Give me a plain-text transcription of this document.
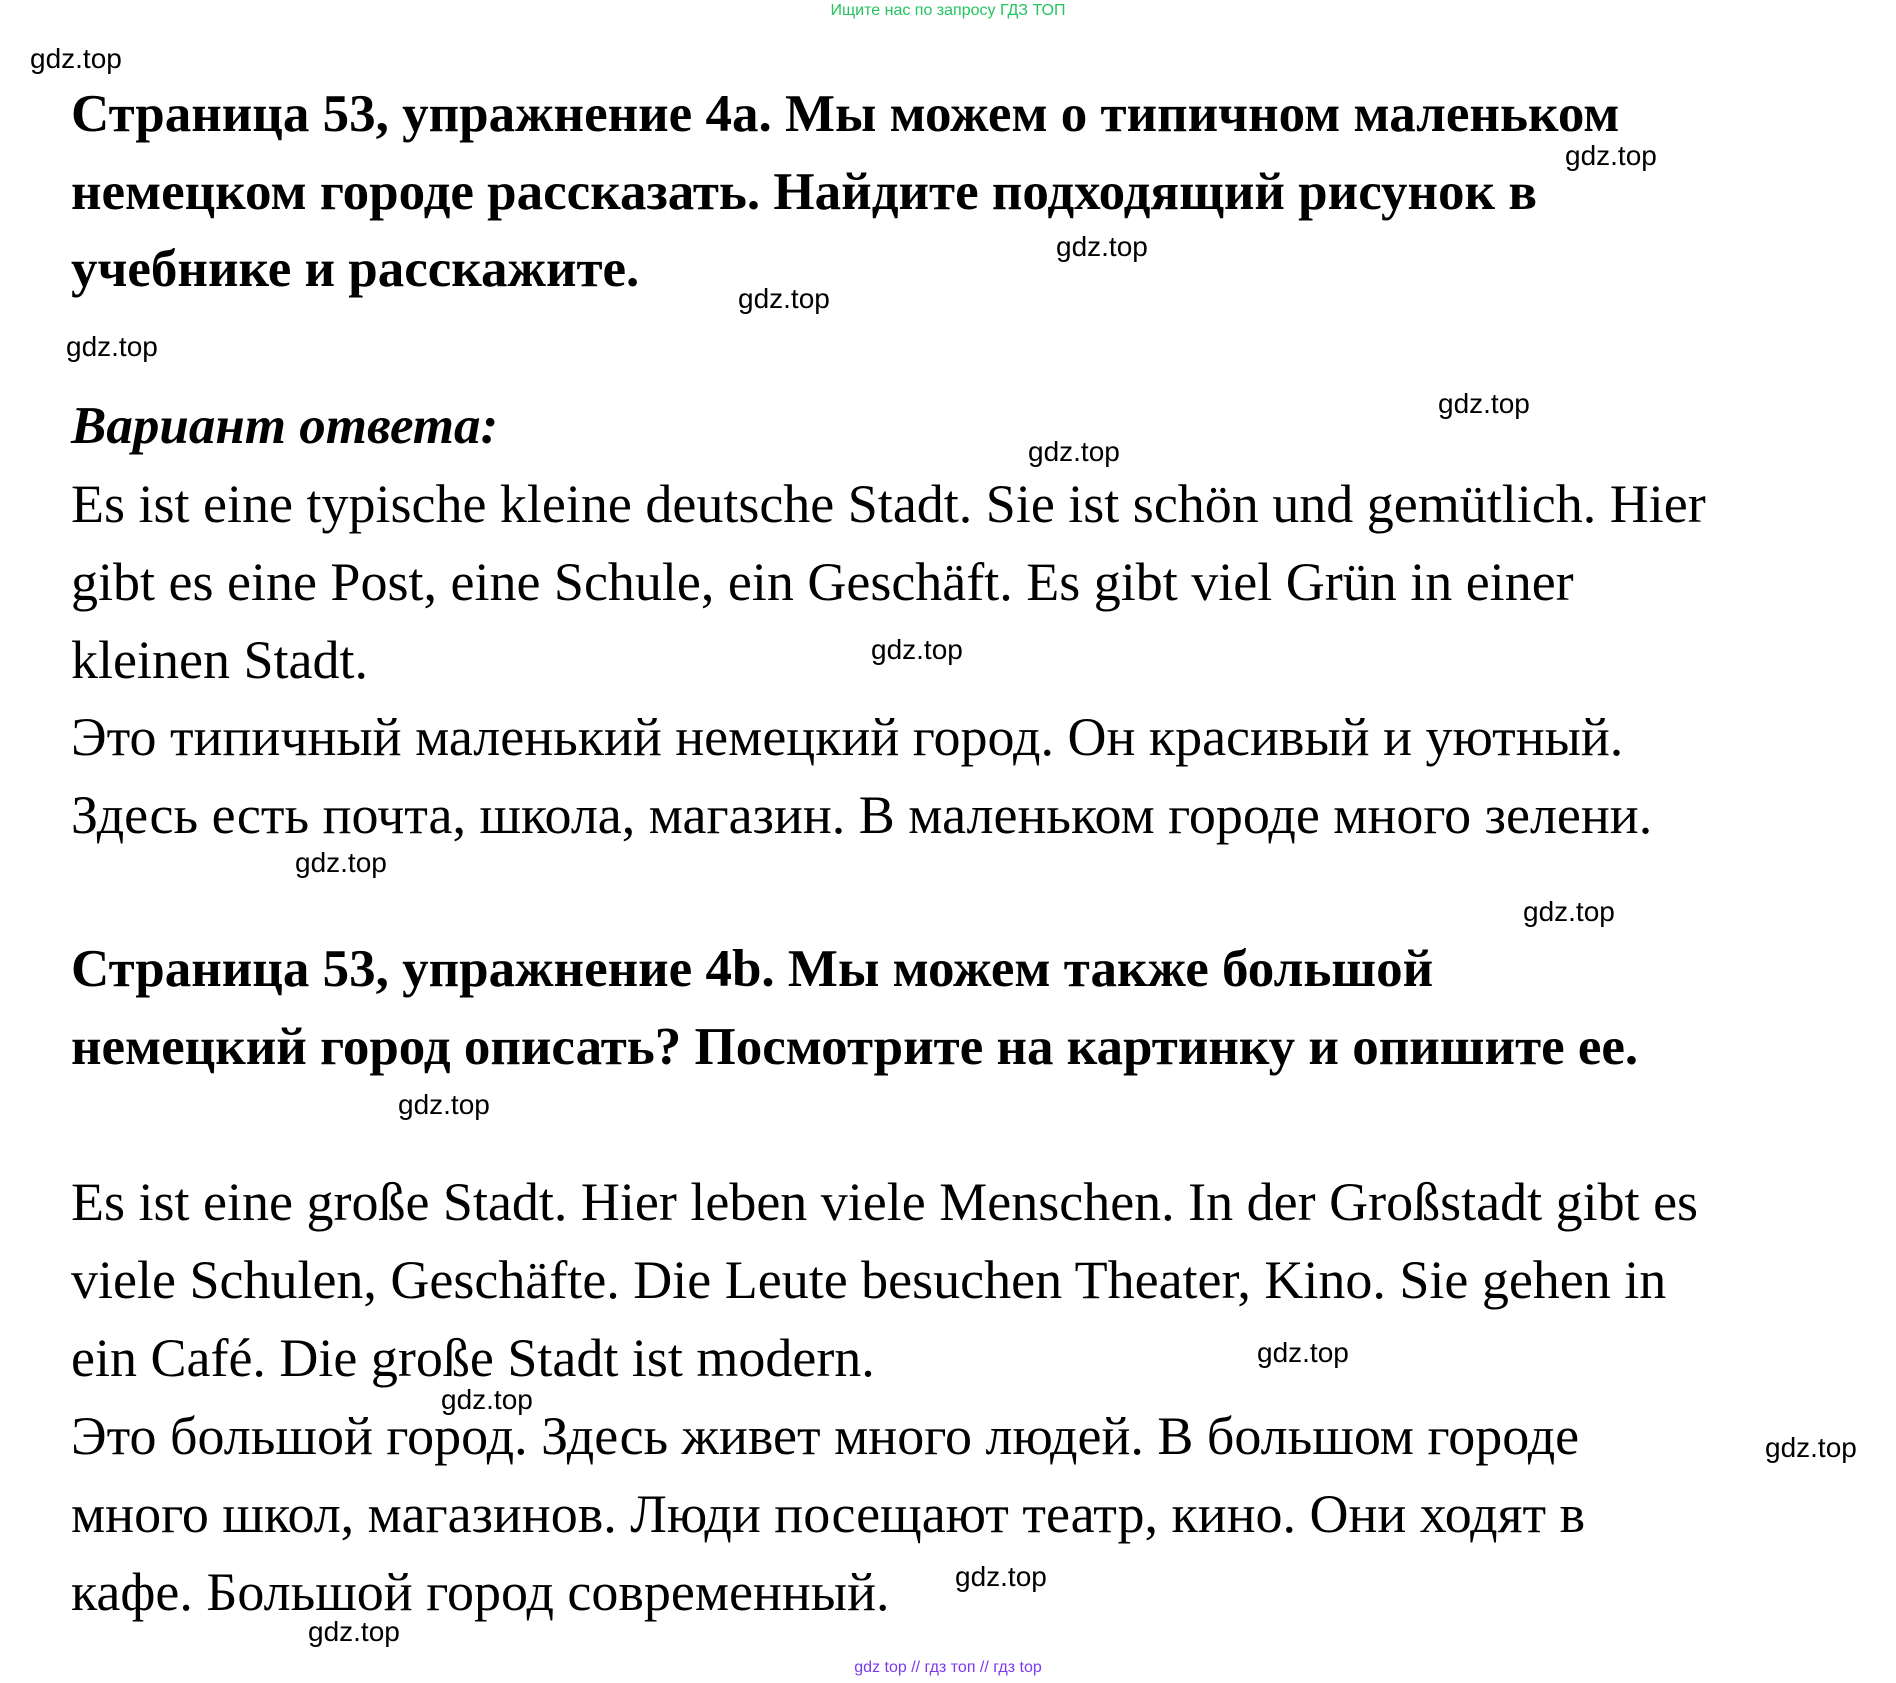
Ищите нас по запросу ГДЗ ТОП
Страница 53, упражнение 4a. Мы можем о типичном маленьком
немецком городе рассказать. Найдите подходящий рисунок в
учебнике и расскажите.
Вариант ответа:
Es ist eine typische kleine deutsche Stadt. Sie ist schön und gemütlich. Hier
gibt es eine Post, eine Schule, ein Geschäft. Es gibt viel Grün in einer
kleinen Stadt.
Это типичный маленький немецкий город. Он красивый и уютный.
Здесь есть почта, школа, магазин. В маленьком городе много зелени.
Страница 53, упражнение 4b. Мы можем также большой
немецкий город описать? Посмотрите на картинку и опишите ее.
Es ist eine große Stadt. Hier leben viele Menschen. In der Großstadt gibt es
viele Schulen, Geschäfte. Die Leute besuchen Theater, Kino. Sie gehen in
ein Café. Die große Stadt ist modern.
Это большой город. Здесь живет много людей. В большом городе
много школ, магазинов. Люди посещают театр, кино. Они ходят в
кафе. Большой город современный.
gdz.top
gdz.top
gdz.top
gdz.top
gdz.top
gdz.top
gdz.top
gdz.top
gdz.top
gdz.top
gdz.top
gdz.top
gdz.top
gdz.top
gdz.top
gdz.top
gdz top // гдз топ // гдз top
